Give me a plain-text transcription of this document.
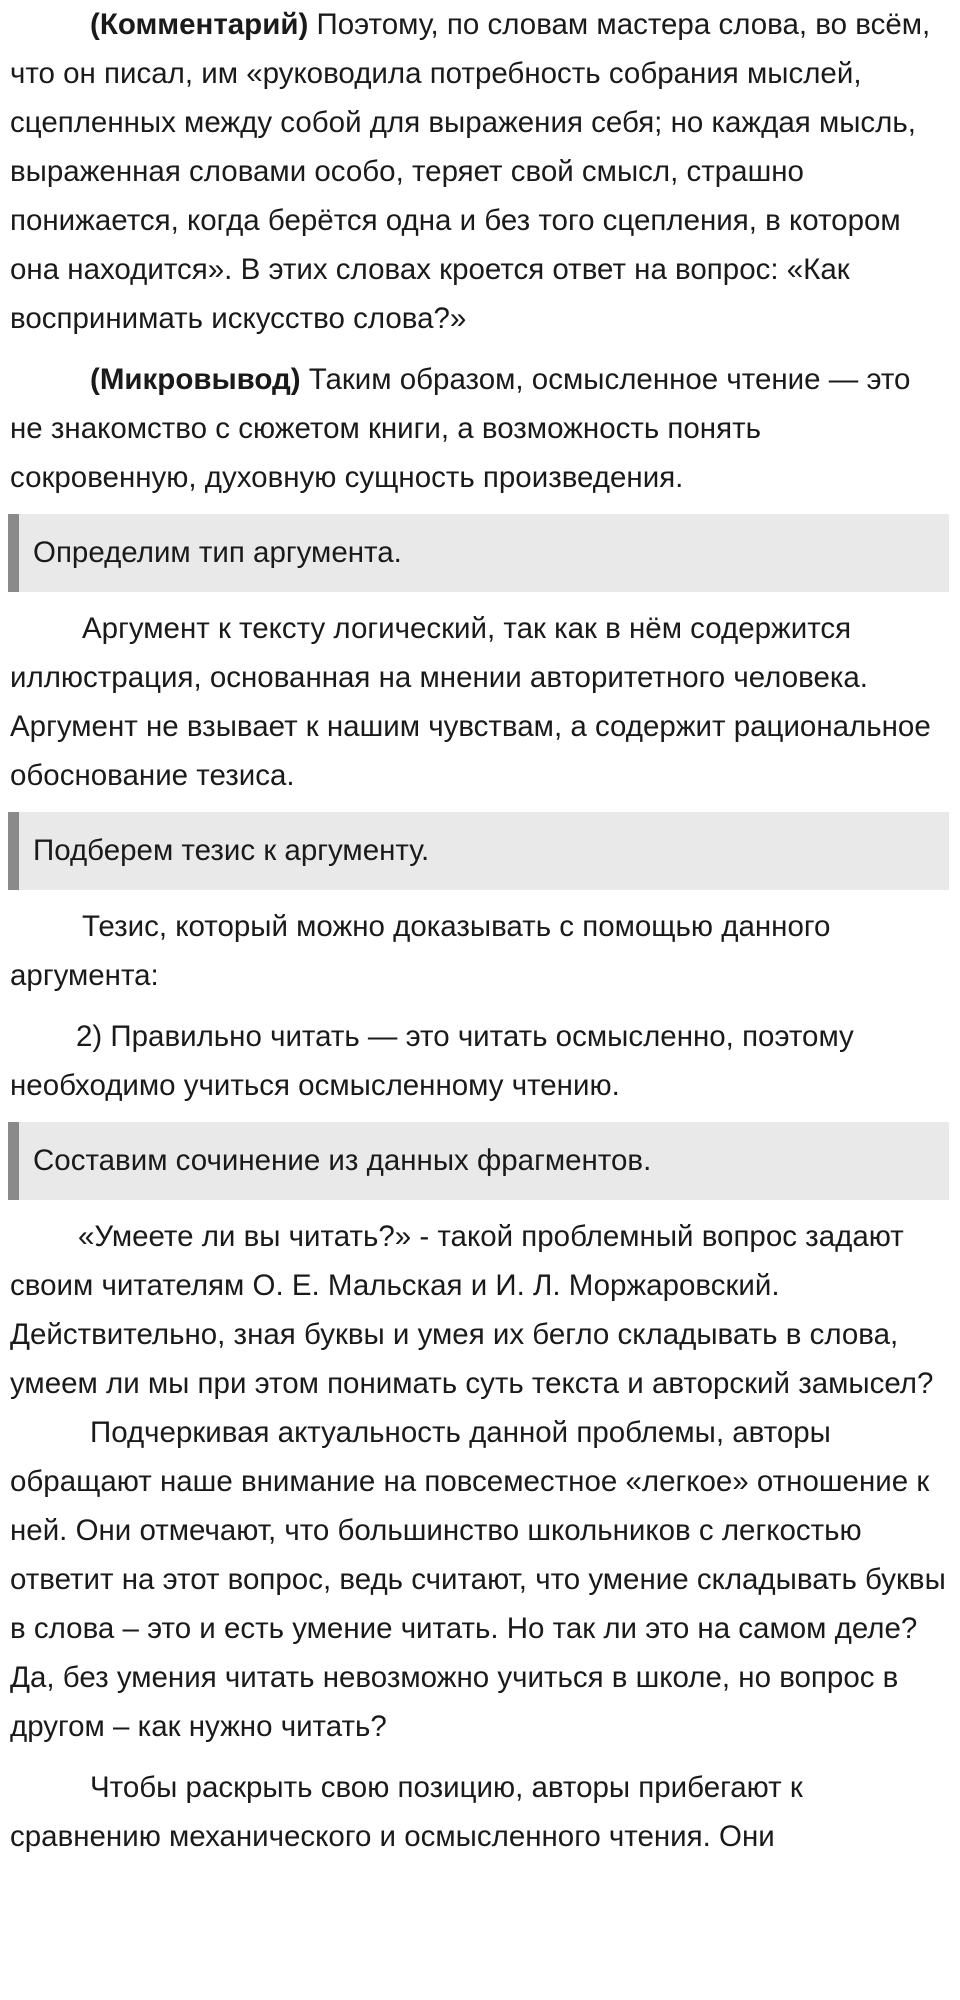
(Комментарий) Поэтому, по словам мастера слова, во всём, что он писал, им «руководила потребность собрания мыслей, сцепленных между собой для выражения себя; но каждая мысль, выраженная словами особо, теряет свой смысл, страшно понижается, когда берётся одна и без того сцепления, в котором она находится». В этих словах кроется ответ на вопрос: «Как воспринимать искусство слова?»

(Микровывод) Таким образом, осмысленное чтение — это не знакомство с сюжетом книги, а возможность понять сокровенную, духовную сущность произведения.

Определим тип аргумента.

Аргумент к тексту логический, так как в нём содержится иллюстрация, основанная на мнении авторитетного человека. Аргумент не взывает к нашим чувствам, а содержит рациональное обоснование тезиса.

Подберем тезис к аргументу.

Тезис, который можно доказывать с помощью данного аргумента:

2) Правильно читать — это читать осмысленно, поэтому необходимо учиться осмысленному чтению.

Составим сочинение из данных фрагментов.

«Умеете ли вы читать?» - такой проблемный вопрос задают своим читателям О. Е. Мальская и И. Л. Моржаровский. Действительно, зная буквы и умея их бегло складывать в слова, умеем ли мы при этом понимать суть текста и авторский замысел?

Подчеркивая актуальность данной проблемы, авторы обращают наше внимание на повсеместное «легкое» отношение к ней. Они отмечают, что большинство школьников с легкостью ответит на этот вопрос, ведь считают, что умение складывать буквы в слова – это и есть умение читать. Но так ли это на самом деле? Да, без умения читать невозможно учиться в школе, но вопрос в другом – как нужно читать?

Чтобы раскрыть свою позицию, авторы прибегают к сравнению механического и осмысленного чтения. Они
